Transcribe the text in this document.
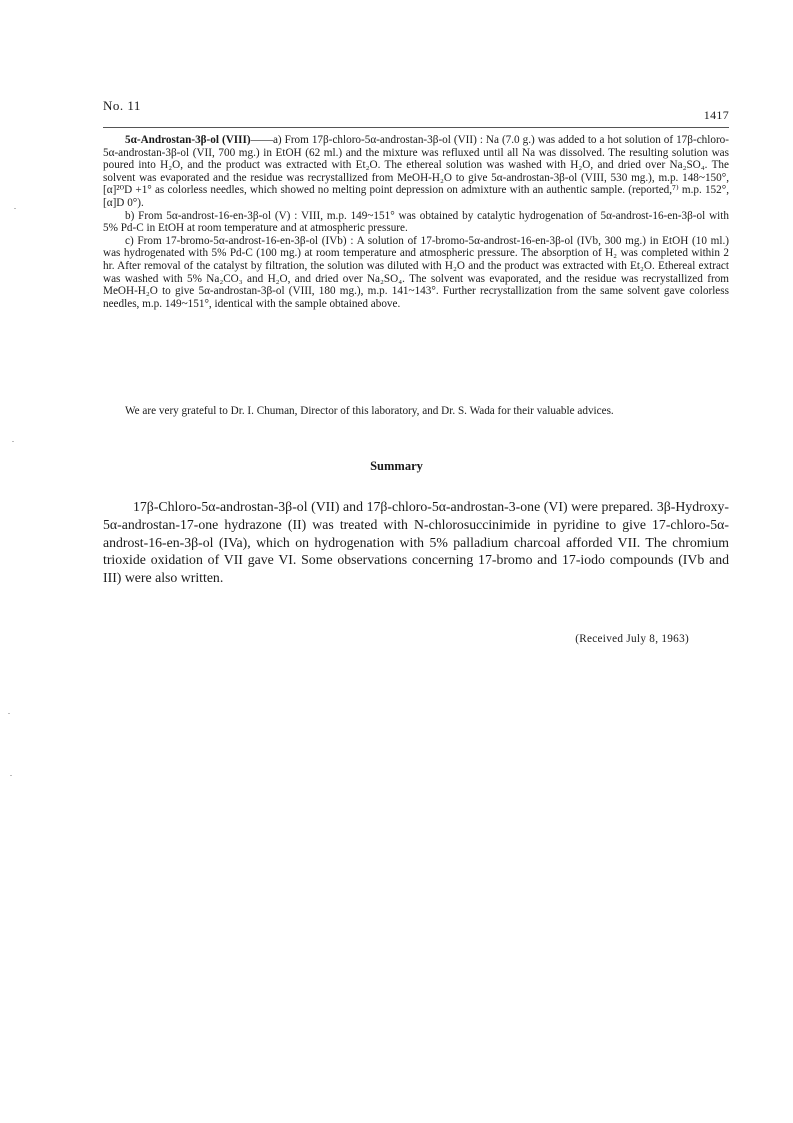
No. 11
1417

5α-Androstan-3β-ol (VIII)——a) From 17β-chloro-5α-androstan-3β-ol (VII) : Na (7.0 g.) was added to a hot solution of 17β-chloro-5α-androstan-3β-ol (VII, 700 mg.) in EtOH (62 ml.) and the mixture was refluxed until all Na was dissolved. The resulting solution was poured into H₂O, and the product was extracted with Et₂O. The ethereal solution was washed with H₂O, and dried over Na₂SO₄. The solvent was evaporated and the residue was recrystallized from MeOH-H₂O to give 5α-androstan-3β-ol (VIII, 530 mg.), m.p. 148~150°, [α]²⁰D +1° as colorless needles, which showed no melting point depression on admixture with an authentic sample. (reported,⁷⁾ m.p. 152°, [α]D 0°).

b) From 5α-androst-16-en-3β-ol (V) : VIII, m.p. 149~151° was obtained by catalytic hydrogenation of 5α-androst-16-en-3β-ol with 5% Pd-C in EtOH at room temperature and at atmospheric pressure.

c) From 17-bromo-5α-androst-16-en-3β-ol (IVb) : A solution of 17-bromo-5α-androst-16-en-3β-ol (IVb, 300 mg.) in EtOH (10 ml.) was hydrogenated with 5% Pd-C (100 mg.) at room temperature and atmospheric pressure. The absorption of H₂ was completed within 2 hr. After removal of the catalyst by filtration, the solution was diluted with H₂O and the product was extracted with Et₂O. Ethereal extract was washed with 5% Na₂CO₃ and H₂O, and dried over Na₂SO₄. The solvent was evaporated, and the residue was recrystallized from MeOH-H₂O to give 5α-androstan-3β-ol (VIII, 180 mg.), m.p. 141~143°. Further recrystallization from the same solvent gave colorless needles, m.p. 149~151°, identical with the sample obtained above.

We are very grateful to Dr. I. Chuman, Director of this laboratory, and Dr. S. Wada for their valuable advices.

Summary

17β-Chloro-5α-androstan-3β-ol (VII) and 17β-chloro-5α-androstan-3-one (VI) were prepared. 3β-Hydroxy-5α-androstan-17-one hydrazone (II) was treated with N-chlorosuccinimide in pyridine to give 17-chloro-5α-androst-16-en-3β-ol (IVa), which on hydrogenation with 5% palladium charcoal afforded VII. The chromium trioxide oxidation of VII gave VI. Some observations concerning 17-bromo and 17-iodo compounds (IVb and III) were also written.

(Received July 8, 1963)
